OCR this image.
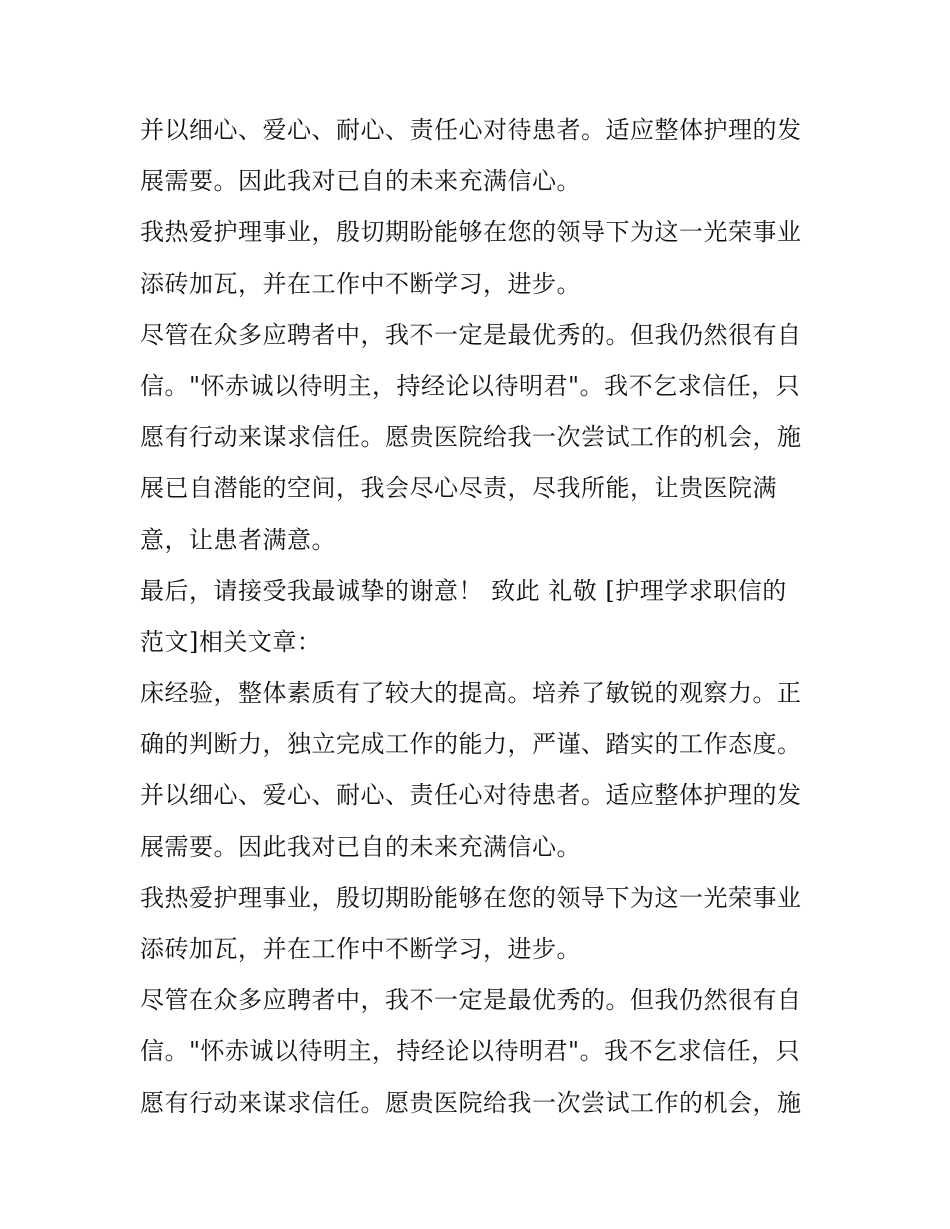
并以细心、爱心、耐心、责任心对待患者。适应整体护理的发
展需要。因此我对已自的未来充满信心。
我热爱护理事业，殷切期盼能够在您的领导下为这一光荣事业
添砖加瓦，并在工作中不断学习，进步。
尽管在众多应聘者中，我不一定是最优秀的。但我仍然很有自
信。"怀赤诚以待明主，持经论以待明君"。我不乞求信任，只
愿有行动来谋求信任。愿贵医院给我一次尝试工作的机会，施
展已自潜能的空间，我会尽心尽责，尽我所能，让贵医院满
意，让患者满意。
最后，请接受我最诚挚的谢意！ 致此 礼敬 [护理学求职信的
范文]相关文章：
床经验，整体素质有了较大的提高。培养了敏锐的观察力。正
确的判断力，独立完成工作的能力，严谨、踏实的工作态度。
并以细心、爱心、耐心、责任心对待患者。适应整体护理的发
展需要。因此我对已自的未来充满信心。
我热爱护理事业，殷切期盼能够在您的领导下为这一光荣事业
添砖加瓦，并在工作中不断学习，进步。
尽管在众多应聘者中，我不一定是最优秀的。但我仍然很有自
信。"怀赤诚以待明主，持经论以待明君"。我不乞求信任，只
愿有行动来谋求信任。愿贵医院给我一次尝试工作的机会，施
